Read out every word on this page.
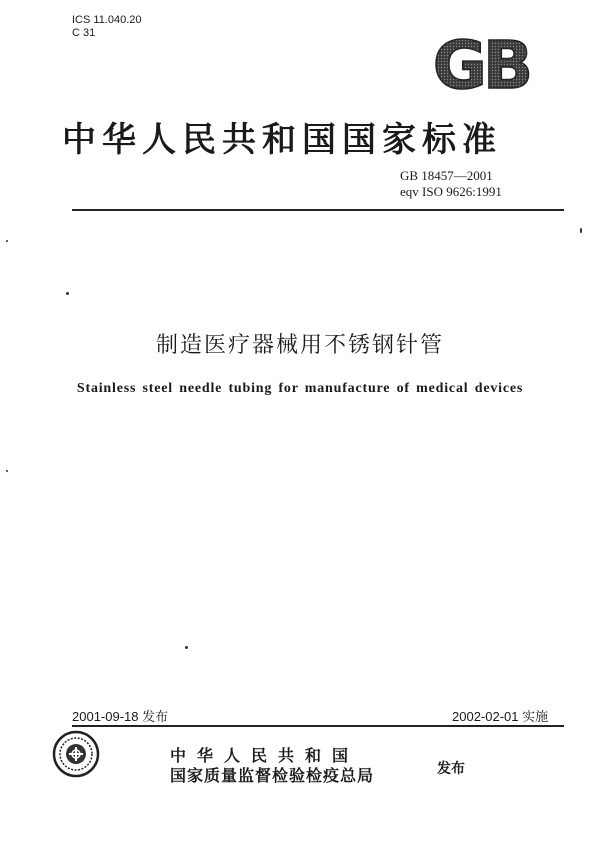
ICS 11.040.20
C 31	GB
中华人民共和国国家标准
GB 18457—2001
eqv ISO 9626:1991
制造医疗器械用不锈钢针管
Stainless steel needle tubing for manufacture of medical devices
2001-09-18 发布	2002-02-01 实施
中华人民共和国
国家质量监督检验检疫总局	发布
